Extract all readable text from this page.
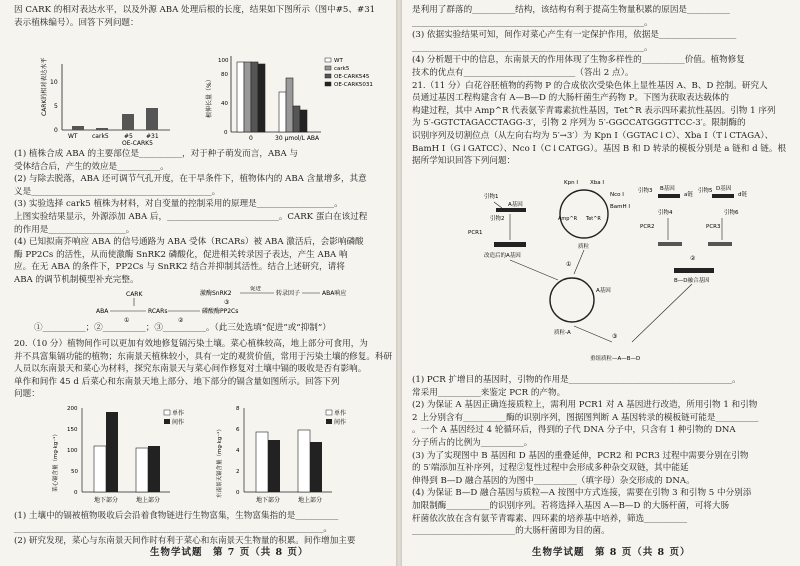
因 CARK 的相对表达水平，以及外源 ABA 处理后根的长度，结果如下图所示（图中#5、#31
表示植株编号）。回答下列问题：
CARK的相对表达水平
0
5
10
WT cark5	#5 #31
OE-CARK5
根伸长量（%）
0
40
80
100
0	30 μmol/L ABA
WT
cark5
OE-CARK545
OE-CARK5031
(1) 植株合成 ABA 的主要部位是__________，对于种子萌发而言，ABA 与
受体结合后，产生的效应是__________。
(2) 与除去脱落，ABA 还可调节气孔开度，在干旱条件下，植物体内的 ABA 含量增多，其意
义是__________________________________________。
(3) 实验选择 cark5 植株为材料，对自变量的控制采用的原理是__________________。
上图实验结果显示，外源添加 ABA 后，__________________________。CARK 蛋白在该过程
的作用是__________________。
(4) 已知拟南芥响应 ABA 的信号通路为 ABA 受体（RCARs）被 ABA 激活后，会影响磷酸
酶 PP2Cs 的活性，从而使激酶 SnRK2 磷酸化，促进相关转录因子表达，产生 ABA 响
应。在无 ABA 的条件下，PP2Cs 与 SnRK2 结合并抑制其活性。结合上述研究，请将
ABA 的调节机制模型补充完整。
CARK
ABA	RCARs	磷酸酶PP2Cs
激酶SnRK2
促进
转录因子	ABA响应
①	②
③
①__________；②__________；③__________。（此三处选填“促进”或“抑制”）
20.（10 分）植物间作可以更加有效地修复镉污染土壤。菜心植株较高，地上部分可食用，为
并不具富集镉功能的植物；东南景天植株较小，具有一定的观赏价值，常用于污染土壤的修复。科研
人员以东南景天和菜心为材料，探究东南景天与菜心间作修复对土壤中镉的吸收是否有影响。
单作和间作 45 d 后菜心和东南景天地上部分、地下部分的镉含量如图所示。回答下列
问题：
菜心镉含量（mg·kg⁻¹）
0
50
100
150
200
地下部分	地上部分
单作
间作
东南景天镉含量（mg·kg⁻¹） 0
2
4
6
8
地下部分	地上部分
单作
间作
(1) 土壤中的镉被植物吸收后会沿着食物链进行生物富集，生物富集指的是__________
________________________________________________________________________。
(2) 研究发现，菜心与东南景天间作时有利于菜心和东南景天生物量的积累。间作增加主要
生物学试题　第 7 页（共 8 页）
是利用了群落的__________结构，该结构有利于提高生物量积累的原因是__________
______________________________________________________。
(3) 依据实验结果可知，间作对菜心产生有一定保护作用，依据是__________________
______________________________________________________。
(4) 分析题干中的信息，东南景天的作用体现了生物多样性的__________价值。植物修复
技术的优点有__________________________（答出 2 点）。
21.（11 分）白花谷胚植物的药物 P 的合成依次受染色体上显性基因 A、B、D 控制。研究人
员通过基因工程构建含有 A—B—D 的大肠杆菌生产药物 P。下图为获取表达载体的
构建过程，其中 Amp^R 代表氨苄青霉素抗性基因，Tet^R 表示四环素抗性基因。引物 1 序列
为 5′-GGTCTAGACCTAGG-3′，引物 2 序列为 5′-GGCCATGGGTTCC-3′。限制酶的
识别序列及切割位点（从左向右均为 5′→3′）为 Kpn Ⅰ（GGTAC↓C）、Xba Ⅰ（T↓CTAGA）、
BamH Ⅰ（G↓GATCC）、Nco Ⅰ（C↓CATGG）。基因 B 和 D 转录的模板分别是 a 链和 d 链。根
据所学知识回答下列问题：
引物1
A基因
引物2
PCR1
改造后的A基因
Kpn Ⅰ Xba Ⅰ
Nco Ⅰ
BamH Ⅰ
Amp^R Tet^R
质粒
引物3 B基因
a链
引物4
引物5 D基因
d链
引物6
PCR2	PCR3
②
B—D融合基因
①
A基因
质粒-A	③
重组质粒—A—B—D
(1) PCR 扩增目的基因时，引物的作用是______________________________________。
常采用__________来鉴定 PCR 的产物。
(2) 为保证 A 基因正确连接质粒上，需利用 PCR1 对 A 基因进行改造，所用引物 1 和引物
2 上分别含有__________酶的识别序列，图据图判断 A 基因转录的模板链可能是__________
。一个 A 基因经过 4 轮循环后，得到的子代 DNA 分子中，只含有 1 种引物的 DNA
分子所占的比例为__________。
(3) 为了实现图中 B 基因和 D 基因的重叠延伸，PCR2 和 PCR3 过程中需要分别在引物
的 5′端添加互补序列，过程②复性过程中会形成多种杂交双链，其中能延
伸得到 B—D 融合基因的为图中__________（填字母）杂交形成的 DNA。
(4) 为保证 B—D 融合基因与质粒—A 按图中方式连接，需要在引物 3 和引物 5 中分别添
加限制酶__________的识别序列。若将选择入基因 A—B—D 的大肠杆菌，可将大肠
杆菌依次放在含有氨苄青霉素、四环素的培养基中培养，筛选__________
________________________的大肠杆菌即为目的菌。
生物学试题　第 8 页（共 8 页）
